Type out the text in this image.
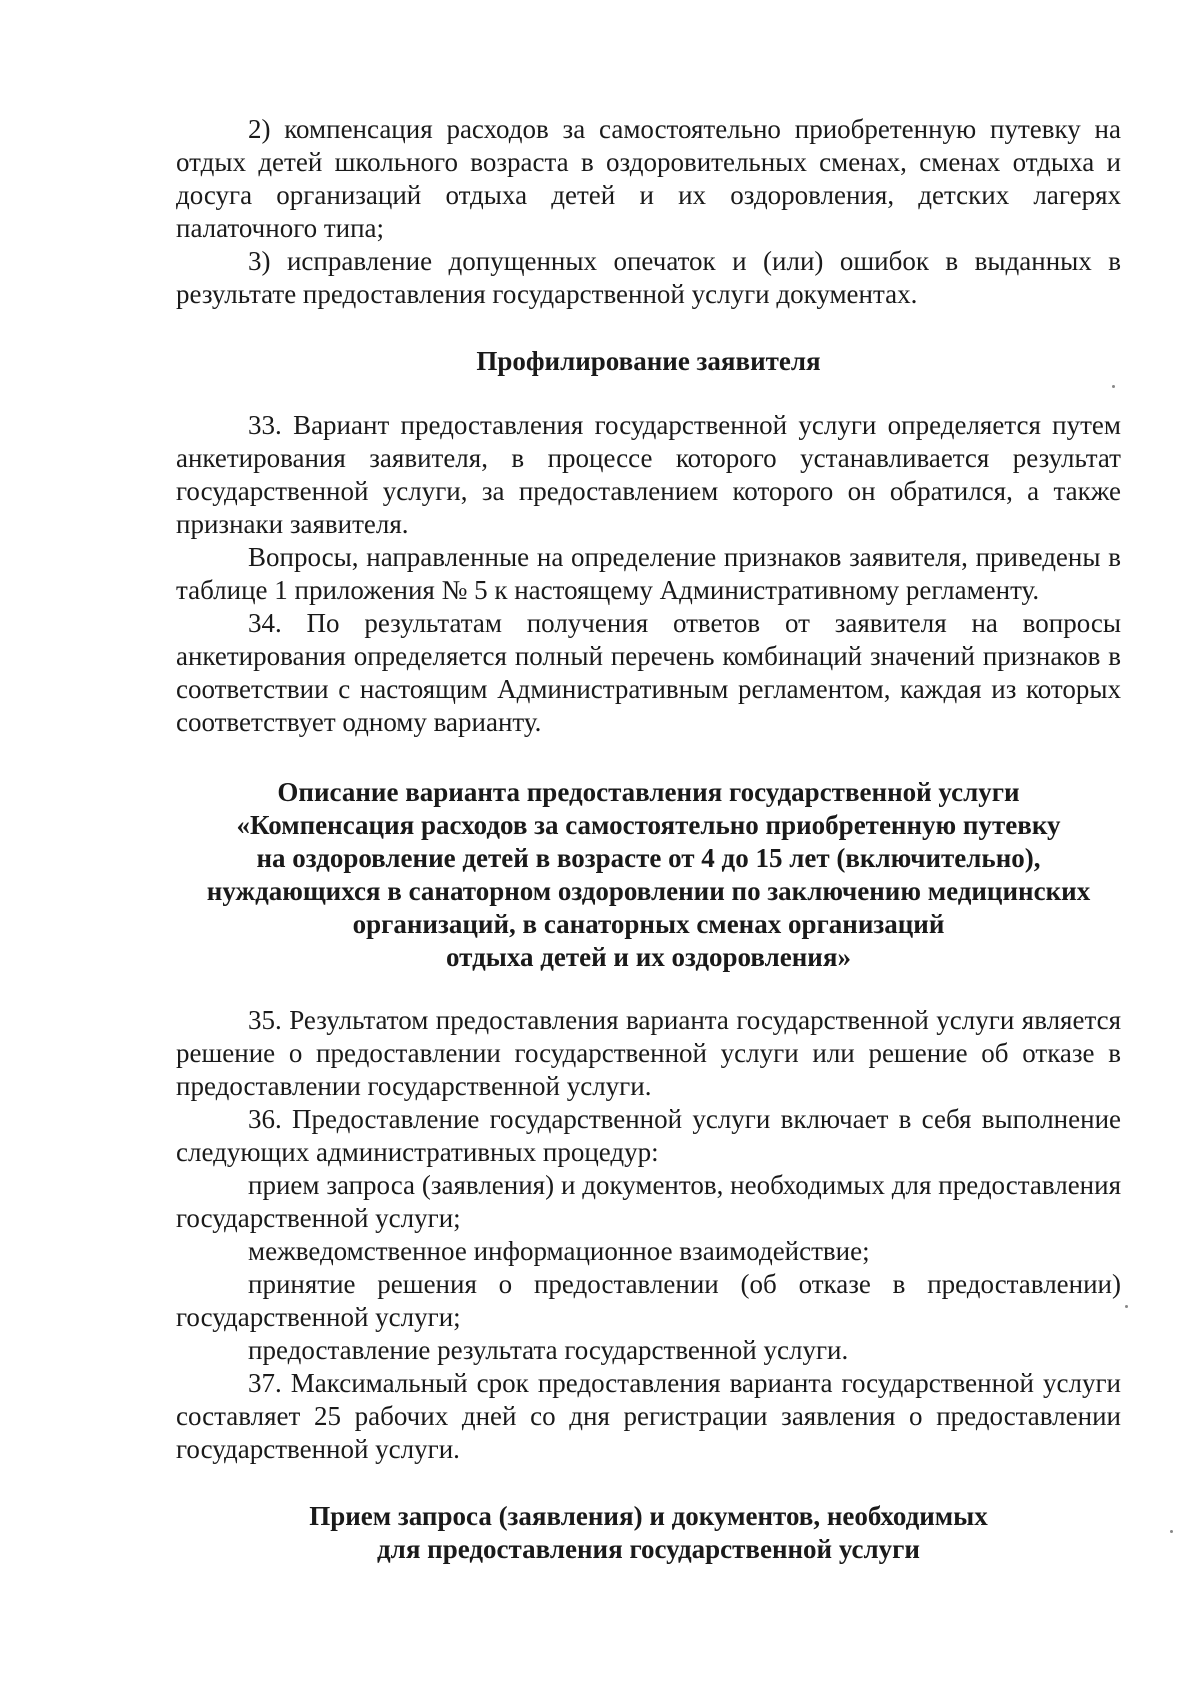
2) компенсация расходов за самостоятельно приобретенную путевку на отдых детей школьного возраста в оздоровительных сменах, сменах отдыха и досуга организаций отдыха детей и их оздоровления, детских лагерях палаточного типа;

3) исправление допущенных опечаток и (или) ошибок в выданных в результате предоставления государственной услуги документах.

Профилирование заявителя

33. Вариант предоставления государственной услуги определяется путем анкетирования заявителя, в процессе которого устанавливается результат государственной услуги, за предоставлением которого он обратился, а также признаки заявителя.

Вопросы, направленные на определение признаков заявителя, приведены в таблице 1 приложения № 5 к настоящему Административному регламенту.

34. По результатам получения ответов от заявителя на вопросы анкетирования определяется полный перечень комбинаций значений признаков в соответствии с настоящим Административным регламентом, каждая из которых соответствует одному варианту.

Описание варианта предоставления государственной услуги
«Компенсация расходов за самостоятельно приобретенную путевку
на оздоровление детей в возрасте от 4 до 15 лет (включительно),
нуждающихся в санаторном оздоровлении по заключению медицинских
организаций, в санаторных сменах организаций
отдыха детей и их оздоровления»

35. Результатом предоставления варианта государственной услуги является решение о предоставлении государственной услуги или решение об отказе в предоставлении государственной услуги.

36. Предоставление государственной услуги включает в себя выполнение следующих административных процедур:

прием запроса (заявления) и документов, необходимых для предоставления государственной услуги;

межведомственное информационное взаимодействие;

принятие решения о предоставлении (об отказе в предоставлении) государственной услуги;

предоставление результата государственной услуги.

37. Максимальный срок предоставления варианта государственной услуги составляет 25 рабочих дней со дня регистрации заявления о предоставлении государственной услуги.

Прием запроса (заявления) и документов, необходимых
для предоставления государственной услуги
